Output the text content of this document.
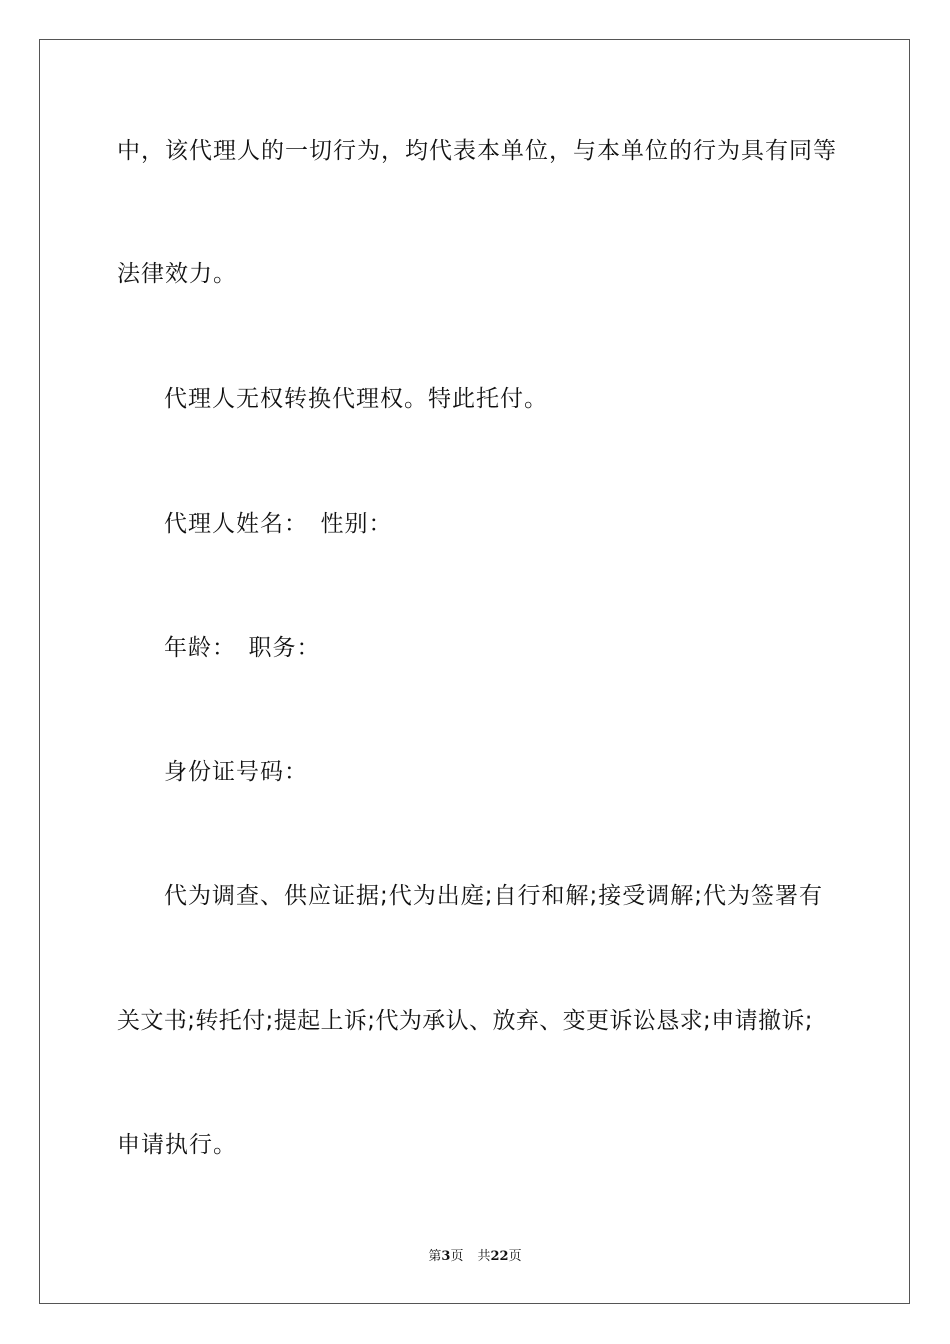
中，该代理人的一切行为，均代表本单位，与本单位的行为具有同等
法律效力。
代理人无权转换代理权。特此托付。
代理人姓名：　性别：
年龄：　职务：
身份证号码：
代为调查、供应证据;代为出庭;自行和解;接受调解;代为签署有
关文书;转托付;提起上诉;代为承认、放弃、变更诉讼恳求;申请撤诉;
申请执行。
第3页 共22页
